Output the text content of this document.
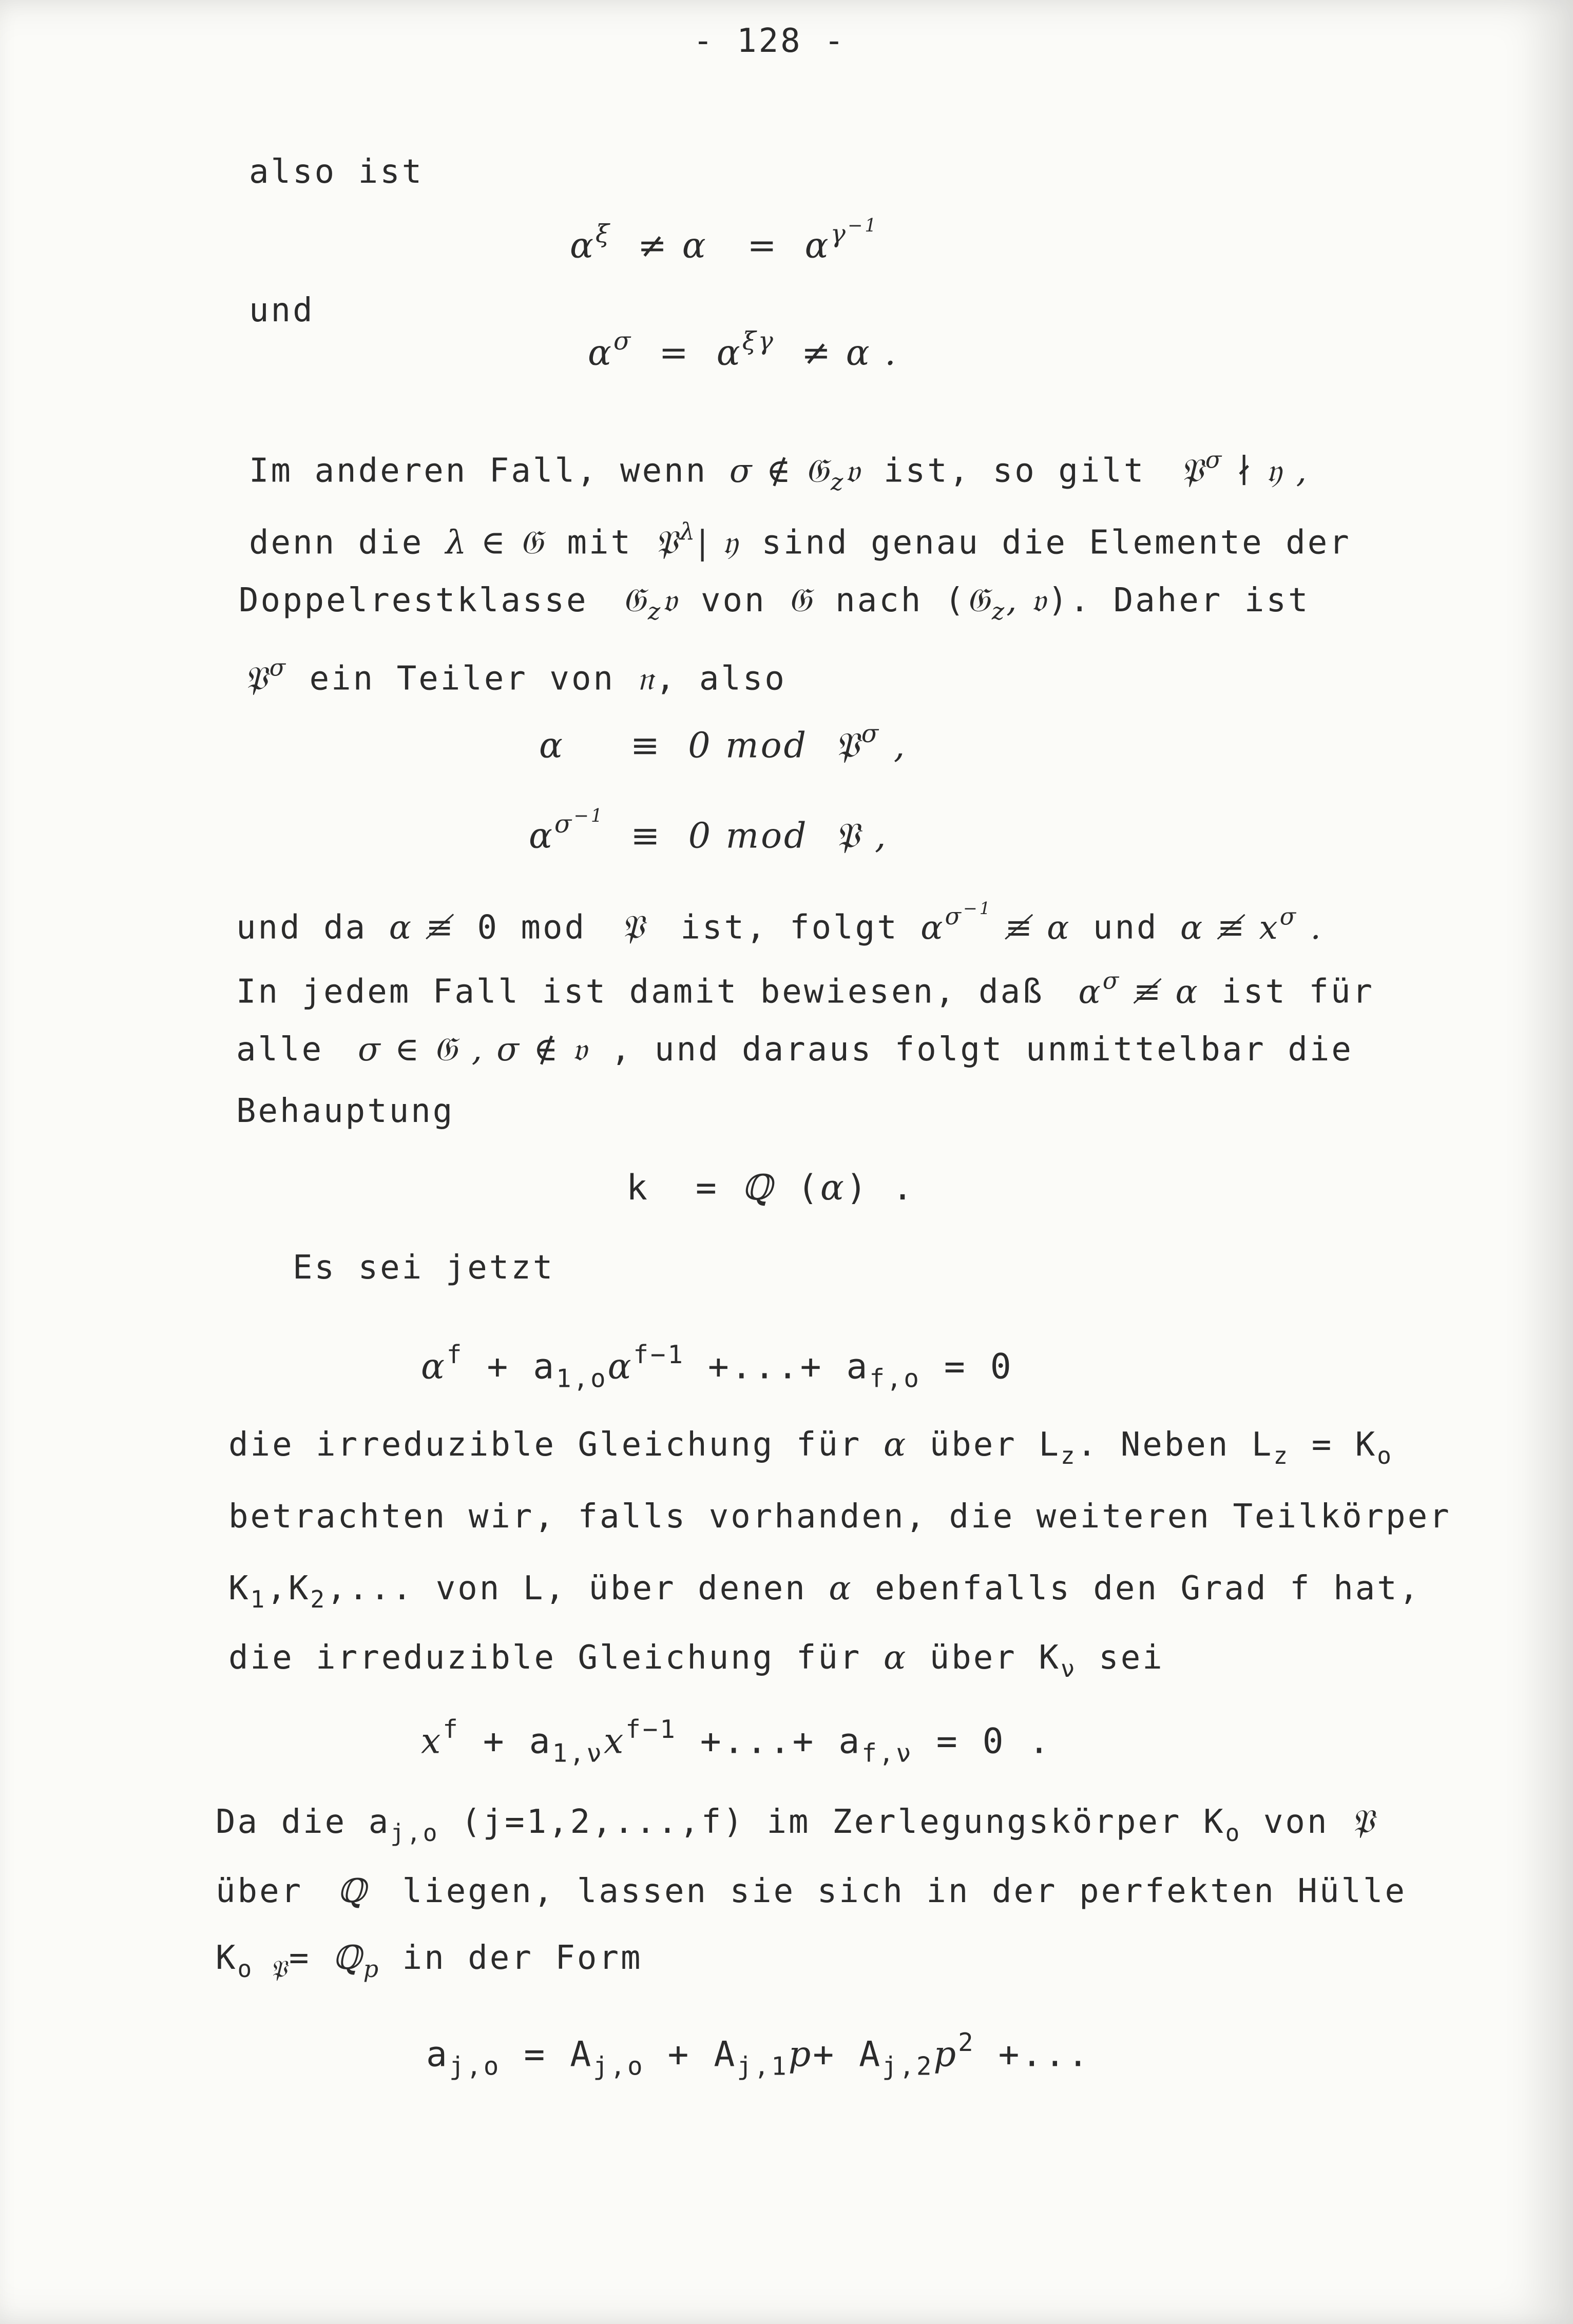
- 128 -
also ist
$\alpha^\xi \ne \alpha = \alpha^{\gamma^{-1}}$
und
$\alpha^\sigma = \alpha^{\xi\gamma} \ne \alpha$ .
Im anderen Fall, wenn σ ∉ 𝔊$_z$𝔳 ist, so gilt  𝔓$^\sigma$ ∤ 𝔶 ,
denn die λ ∈ 𝔊 mit 𝔓$^\lambda$| 𝔶 sind genau die Elemente der
Doppelrestklasse  𝔊$_z$𝔳 von 𝔊 nach (𝔊$_z$, 𝔳). Daher ist
𝔓$^\sigma$ ein Teiler von 𝔫, also
α     ≡  0 mod  𝔓$^\sigma$ ,
$\alpha^{\sigma^{-1}} \equiv 0$ mod  𝔓 ,
und da α ≢ 0 mod  𝔓  ist, folgt $\alpha^{\sigma^{-1}}$ ≢ α und α ≢ $x^\sigma$ .
In jedem Fall ist damit bewiesen, daß  $\alpha^\sigma$ ≢ α ist für
alle  σ ∈ 𝔊 , σ ∉ 𝔳 , und daraus folgt unmittelbar die
Behauptung
k  = ℚ (α) .
Es sei jetzt
$\alpha^f + a_{1,o}\alpha^{f-1}$ +...+ $a_{f,o} = 0$
die irreduzible Gleichung für α über $L_z$. Neben $L_z = K_o$
betrachten wir, falls vorhanden, die weiteren Teilkörper
$K_1,K_2$,... von L, über denen α ebenfalls den Grad f hat,
die irreduzible Gleichung für α über $K_\nu$ sei
$x^f + a_{1,\nu}x^{f-1}$ +...+ $a_{f,\nu} = 0$ .
Da die $a_{j,o}$ (j=1,2,...,f) im Zerlegungskörper $K_o$ von 𝔓
über  ℚ  liegen, lassen sie sich in der perfekten Hülle
$K_{o 𝔓}=$ ℚ$_p$ in der Form
$a_{j,o} = A_{j,o} + A_{j,1}p+ A_{j,2}p^2$ +...
